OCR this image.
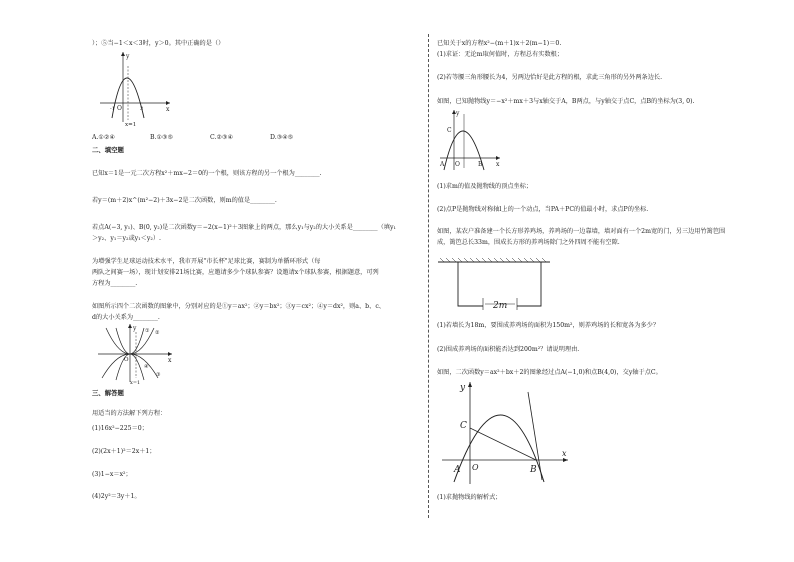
）；⑤当−1＜x＜3时，y＞0。其中正确的是（）
y
x
O
-1	3
x=1
A.①②④	B.①③⑤	C.②③④	D.③④⑤
二、填空题
已知x＝1是一元二次方程x²＋mx−2＝0的一个根，则该方程的另一个根为________.
若y＝(m＋2)x^(m²−2)＋3x−2是二次函数，则m的值是________.
若点A(−3, y₁)、B(0, y₂)是二次函数y＝−2(x−1)²＋3图象上的两点，那么y₁与y₂的大小关系是________（填y₁
＞y₂、y₁＝y₂或y₁＜y₂）.
为增强学生足球运动技术水平，我市开展"市长杯"足球比赛，赛制为单循环形式（每
两队之间赛一场），现计划安排21场比赛，应邀请多少个球队参赛？设邀请x个球队参赛，根据题意，可列
方程为________.
如图所示四个二次函数的图象中，分别对应的是①y＝ax²；②y＝bx²；③y＝cx²；④y＝dx²，则a、b、c、
d的大小关系为________.
y
x
O
① ②
③
④
x=1
三、解答题
用适当的方法解下列方程：
(1)16x²−225＝0；
(2)(2x＋1)²＝2x＋1；
(3)1−x＝x²；
(4)2y²＝3y＋1。
已知关于x的方程x²−(m＋1)x＋2(m−1)＝0.
(1)求证：无论m取何值时，方程总有实数根；
(2)若等腰三角形腰长为4，另两边恰好是此方程的根，求此三角形的另外两条边长.
如图，已知抛物线y＝−x²＋mx＋3与x轴交于A，B两点，与y轴交于点C，点B的坐标为(3, 0).
y
x
C
A O	B
(1)求m的值及抛物线的顶点坐标；
(2)点P是抛物线对称轴l上的一个动点，当PA＋PC的值最小时，求点P的坐标.
如图，某农户准备建一个长方形养鸡场，养鸡场的一边靠墙，墙对面有一个2m宽的门，另三边用竹篱笆围
成，篱笆总长33m，围成长方形的养鸡场除门之外四周不能有空隙.
2m
(1)若墙长为18m，要围成养鸡场的面积为150m²，则养鸡场的长和宽各为多少？
(2)围成养鸡场的面积能否达到200m²？请说明理由.
如图，二次函数y＝ax²＋bx＋2的图象经过点A(−1,0)和点B(4,0)，交y轴于点C。
y
x
C
A O	B
(1)求抛物线的解析式；
